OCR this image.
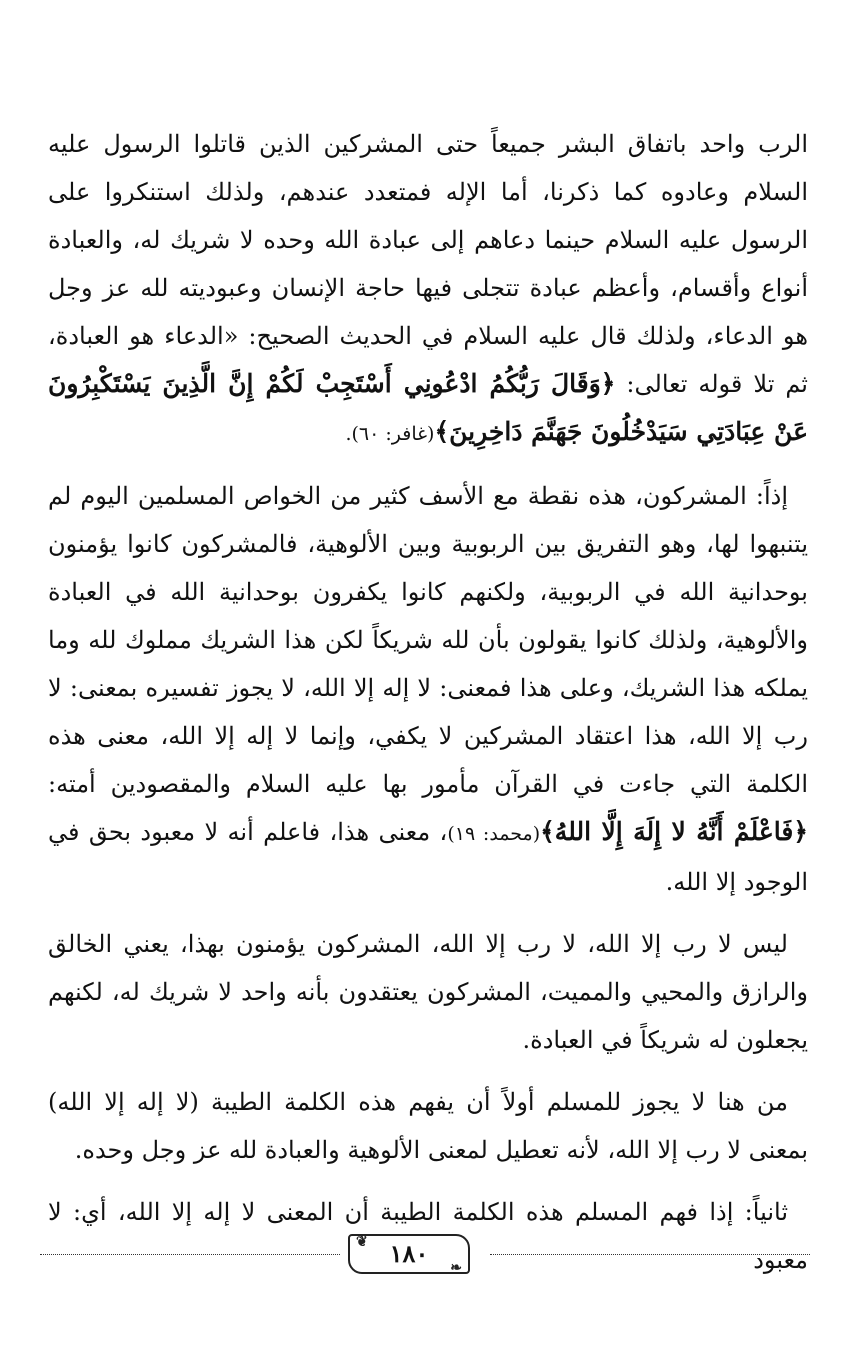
الرب واحد باتفاق البشر جميعاً حتى المشركين الذين قاتلوا الرسول عليه السلام وعادوه كما ذكرنا، أما الإله فمتعدد عندهم، ولذلك استنكروا على الرسول عليه السلام حينما دعاهم إلى عبادة الله وحده لا شريك له، والعبادة أنواع وأقسام، وأعظم عبادة تتجلى فيها حاجة الإنسان وعبوديته لله عز وجل هو الدعاء، ولذلك قال عليه السلام في الحديث الصحيح: «الدعاء هو العبادة، ثم تلا قوله تعالى: ﴿وَقَالَ رَبُّكُمُ ادْعُونِي أَسْتَجِبْ لَكُمْ إِنَّ الَّذِينَ يَسْتَكْبِرُونَ عَنْ عِبَادَتِي سَيَدْخُلُونَ جَهَنَّمَ دَاخِرِينَ﴾(غافر: ٦٠).

إذاً: المشركون، هذه نقطة مع الأسف كثير من الخواص المسلمين اليوم لم يتنبهوا لها، وهو التفريق بين الربوبية وبين الألوهية، فالمشركون كانوا يؤمنون بوحدانية الله في الربوبية، ولكنهم كانوا يكفرون بوحدانية الله في العبادة والألوهية، ولذلك كانوا يقولون بأن لله شريكاً لكن هذا الشريك مملوك لله وما يملكه هذا الشريك، وعلى هذا فمعنى: لا إله إلا الله، لا يجوز تفسيره بمعنى: لا رب إلا الله، هذا اعتقاد المشركين لا يكفي، وإنما لا إله إلا الله، معنى هذه الكلمة التي جاءت في القرآن مأمور بها عليه السلام والمقصودين أمته: ﴿فَاعْلَمْ أَنَّهُ لا إِلَهَ إِلَّا اللهُ﴾(محمد: ١٩)، معنى هذا، فاعلم أنه لا معبود بحق في الوجود إلا الله.

ليس لا رب إلا الله، لا رب إلا الله، المشركون يؤمنون بهذا، يعني الخالق والرازق والمحيي والمميت، المشركون يعتقدون بأنه واحد لا شريك له، لكنهم يجعلون له شريكاً في العبادة.

من هنا لا يجوز للمسلم أولاً أن يفهم هذه الكلمة الطيبة (لا إله إلا الله) بمعنى لا رب إلا الله، لأنه تعطيل لمعنى الألوهية والعبادة لله عز وجل وحده.

ثانياً: إذا فهم المسلم هذه الكلمة الطيبة أن المعنى لا إله إلا الله، أي: لا معبود

❦ ١٨٠ ❧
